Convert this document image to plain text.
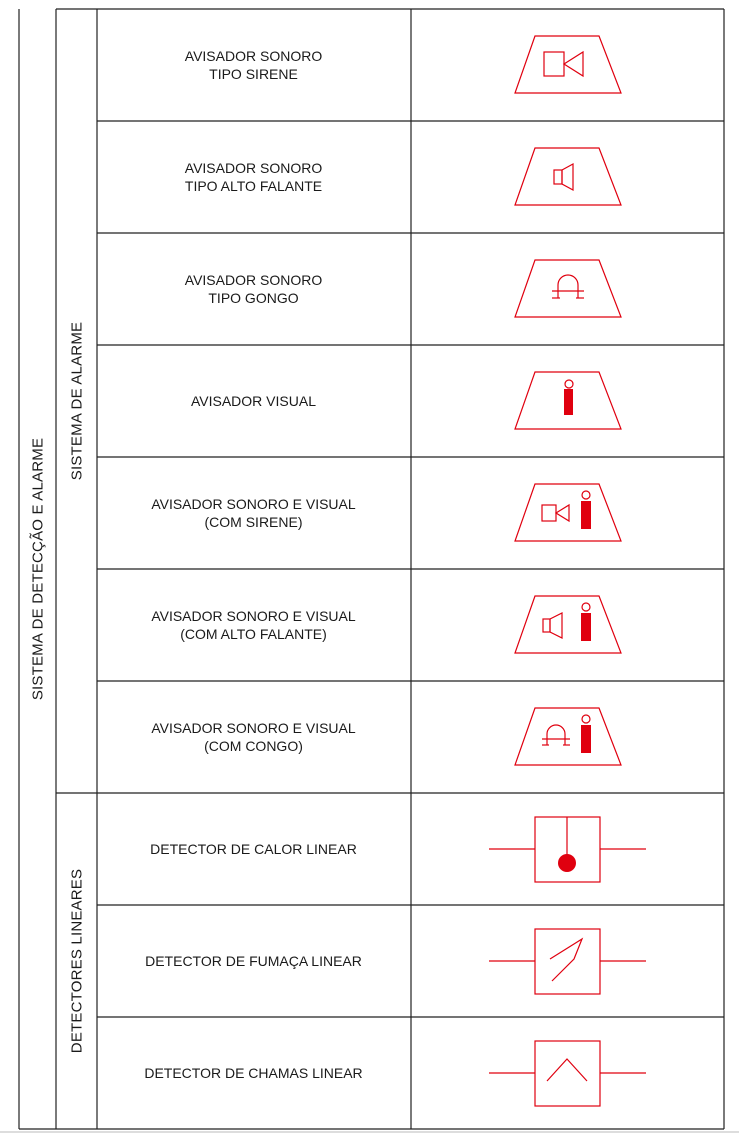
SISTEMA DE DETECÇÃO E ALARME
SISTEMA DE ALARME
DETECTORES LINEARES
AVISADOR SONORO
TIPO SIRENE
AVISADOR SONORO
TIPO ALTO FALANTE
AVISADOR SONORO
TIPO GONGO
AVISADOR VISUAL
AVISADOR SONORO E VISUAL
(COM SIRENE)
AVISADOR SONORO E VISUAL
(COM ALTO FALANTE)
AVISADOR SONORO E VISUAL
(COM CONGO)
DETECTOR DE CALOR LINEAR
DETECTOR DE FUMAÇA LINEAR
DETECTOR DE CHAMAS LINEAR
